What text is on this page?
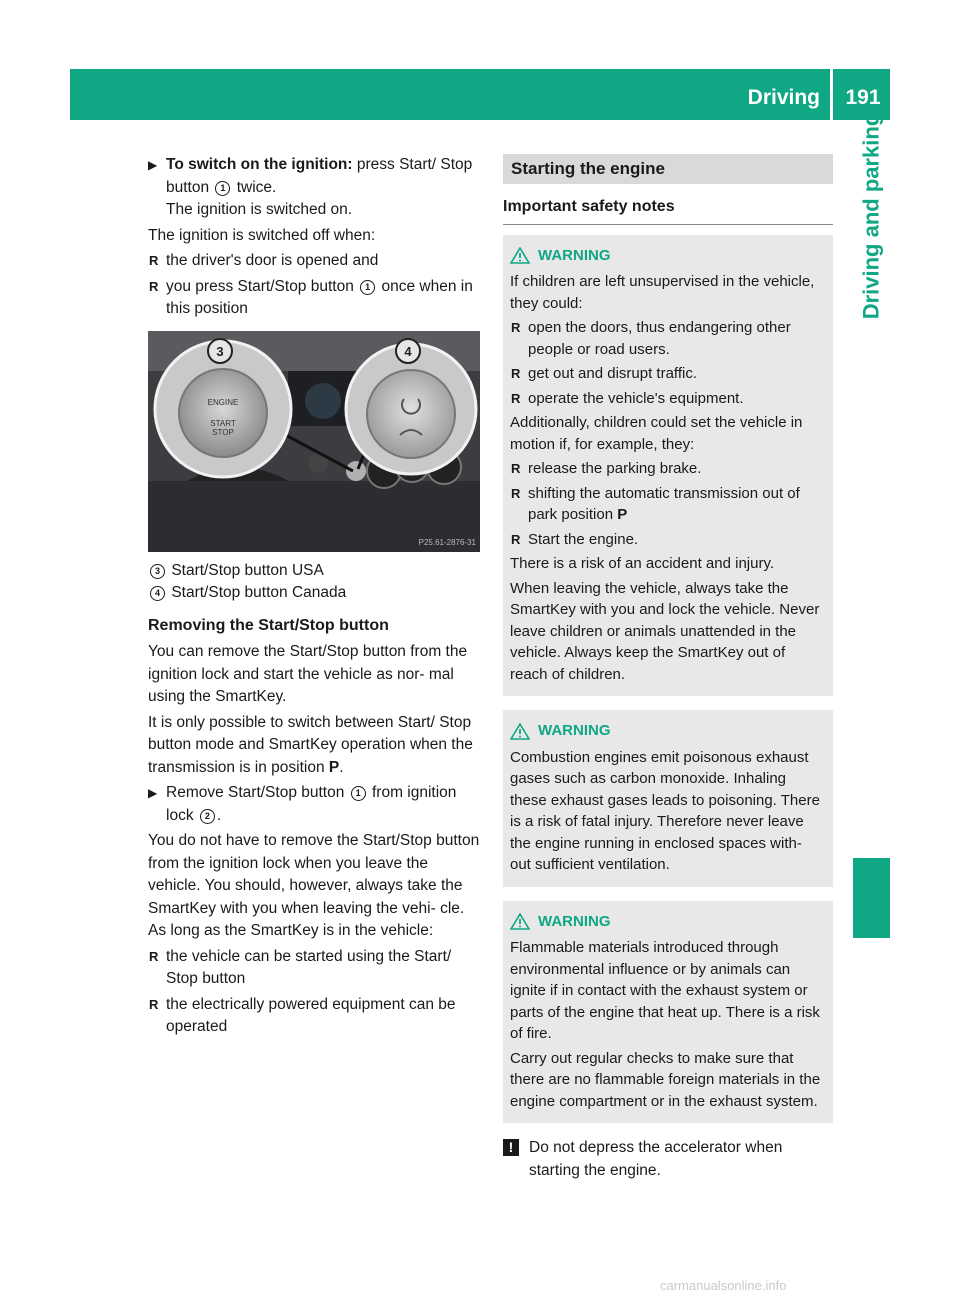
Driving	191
Driving and parking
▶ To switch on the ignition: press Start/ Stop button 1 twice.
The ignition is switched on.

The ignition is switched off when:

R the driver's door is opened and
R you press Start/Stop button 1 once when in this position
ENGINE
START
STOP
3	4
P25.61-2876-31

3 Start/Stop button USA

4 Start/Stop button Canada

Removing the Start/Stop button

You can remove the Start/Stop button from the ignition lock and start the vehicle as nor- mal using the SmartKey.

It is only possible to switch between Start/ Stop button mode and SmartKey operation when the transmission is in position P.

▶ Remove Start/Stop button 1 from ignition lock 2 .

You do not have to remove the Start/Stop button from the ignition lock when you leave the vehicle. You should, however, always take the SmartKey with you when leaving the vehi- cle. As long as the SmartKey is in the vehicle:

R the vehicle can be started using the Start/ Stop button
R the electrically powered equipment can be operated
Starting the engine
Important safety notes
WARNING

If children are left unsupervised in the vehicle, they could:

R open the doors, thus endangering other people or road users.
R get out and disrupt traffic.
R operate the vehicle's equipment.

Additionally, children could set the vehicle in motion if, for example, they:

R release the parking brake.
R shifting the automatic transmission out of park position P
R Start the engine.

There is a risk of an accident and injury.

When leaving the vehicle, always take the SmartKey with you and lock the vehicle. Never leave children or animals unattended in the vehicle. Always keep the SmartKey out of reach of children.

WARNING

Combustion engines emit poisonous exhaust gases such as carbon monoxide. Inhaling these exhaust gases leads to poisoning. There is a risk of fatal injury. Therefore never leave the engine running in enclosed spaces with- out sufficient ventilation.

WARNING

Flammable materials introduced through environmental influence or by animals can ignite if in contact with the exhaust system or parts of the engine that heat up. There is a risk of fire.

Carry out regular checks to make sure that there are no flammable foreign materials in the engine compartment or in the exhaust system.

!	Do not depress the accelerator when starting the engine.
carmanualsonline.info
